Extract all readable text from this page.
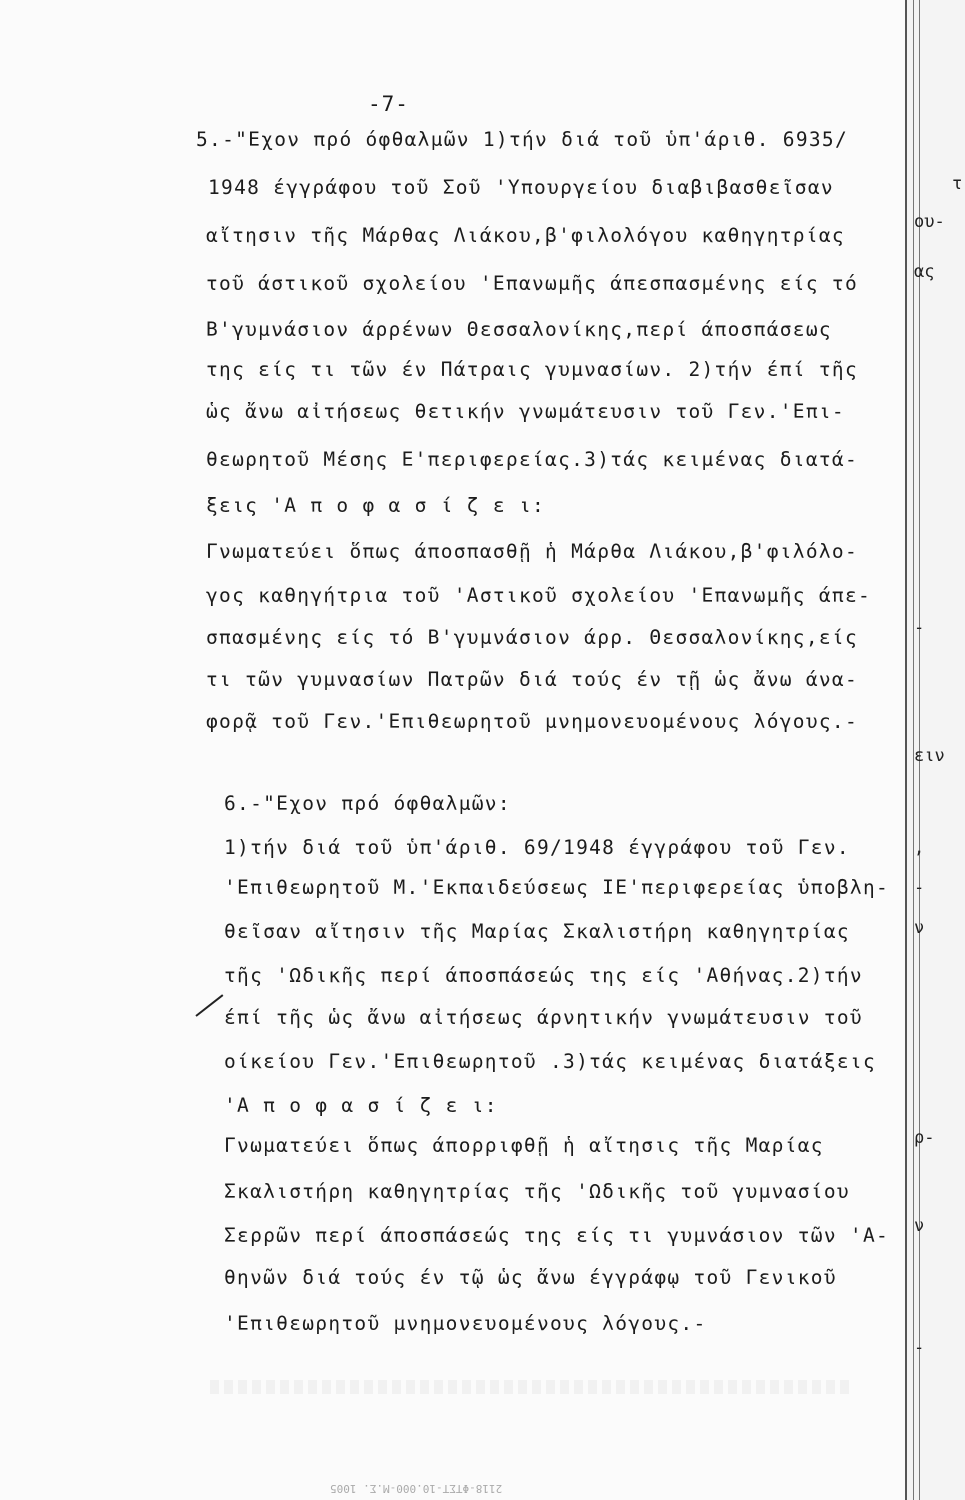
-7-
5.-"Εχον πρό όφθαλμῶν 1)τήν διά τοῦ ὑπ'άριθ. 6935/
1948 έγγράφου τοῦ Σοῦ 'Υπουργείου διαβιβασθεῖσαν
αἴτησιν τῆς Μάρθας Λιάκου,β'φιλολόγου καθηγητρίας
τοῦ άστικοῦ σχολείου 'Επανωμῆς άπεσπασμένης είς τό
Β'γυμνάσιον άρρένων Θεσσαλονίκης,περί άποσπάσεως
της είς τι τῶν έν Πάτραις γυμνασίων. 2)τήν έπί τῆς
ὡς ἄνω αἰτήσεως θετικήν γνωμάτευσιν τοῦ Γεν.'Επι-
θεωρητοῦ Μέσης Ε'περιφερείας.3)τάς κειμένας διατά-
ξεις 'Α π ο φ α σ ί ζ ε ι:
Γνωματεύει ὅπως άποσπασθῇ ἡ Μάρθα Λιάκου,β'φιλόλο-
γος καθηγήτρια τοῦ 'Αστικοῦ σχολείου 'Επανωμῆς άπε-
σπασμένης είς τό Β'γυμνάσιον άρρ. Θεσσαλονίκης,είς
τι τῶν γυμνασίων Πατρῶν διά τούς έν τῇ ὡς ἄνω άνα-
φορᾷ τοῦ Γεν.'Επιθεωρητοῦ μνημονευομένους λόγους.-
6.-"Εχον πρό όφθαλμῶν:
1)τήν διά τοῦ ὑπ'άριθ. 69/1948 έγγράφου τοῦ Γεν.
'Επιθεωρητοῦ Μ.'Εκπαιδεύσεως ΙΕ'περιφερείας ὑποβλη-
θεῖσαν αἴτησιν τῆς Μαρίας Σκαλιστήρη καθηγητρίας
τῆς 'Ωδικῆς περί άποσπάσεώς της είς 'Αθήνας.2)τήν
έπί τῆς ὡς ἄνω αἰτήσεως άρνητικήν γνωμάτευσιν τοῦ
οίκείου Γεν.'Επιθεωρητοῦ .3)τάς κειμένας διατάξεις
'Α π ο φ α σ ί ζ ε ι:
Γνωματεύει ὅπως άπορριφθῇ ἡ αἴτησις τῆς Μαρίας
Σκαλιστήρη καθηγητρίας τῆς 'Ωδικῆς τοῦ γυμνασίου
Σερρῶν περί άποσπάσεώς της είς τι γυμνάσιον τῶν 'Α-
θηνῶν διά τούς έν τῷ ὡς ἄνω έγγράφῳ τοῦ Γενικοῦ
'Επιθεωρητοῦ μνημονευομένους λόγους.-
2118-ΦΤΣΤ-10.000-Μ.Σ. 1005
τ
ου-
ας
-
ειν
,
-
ν
ρ-
ν
-
